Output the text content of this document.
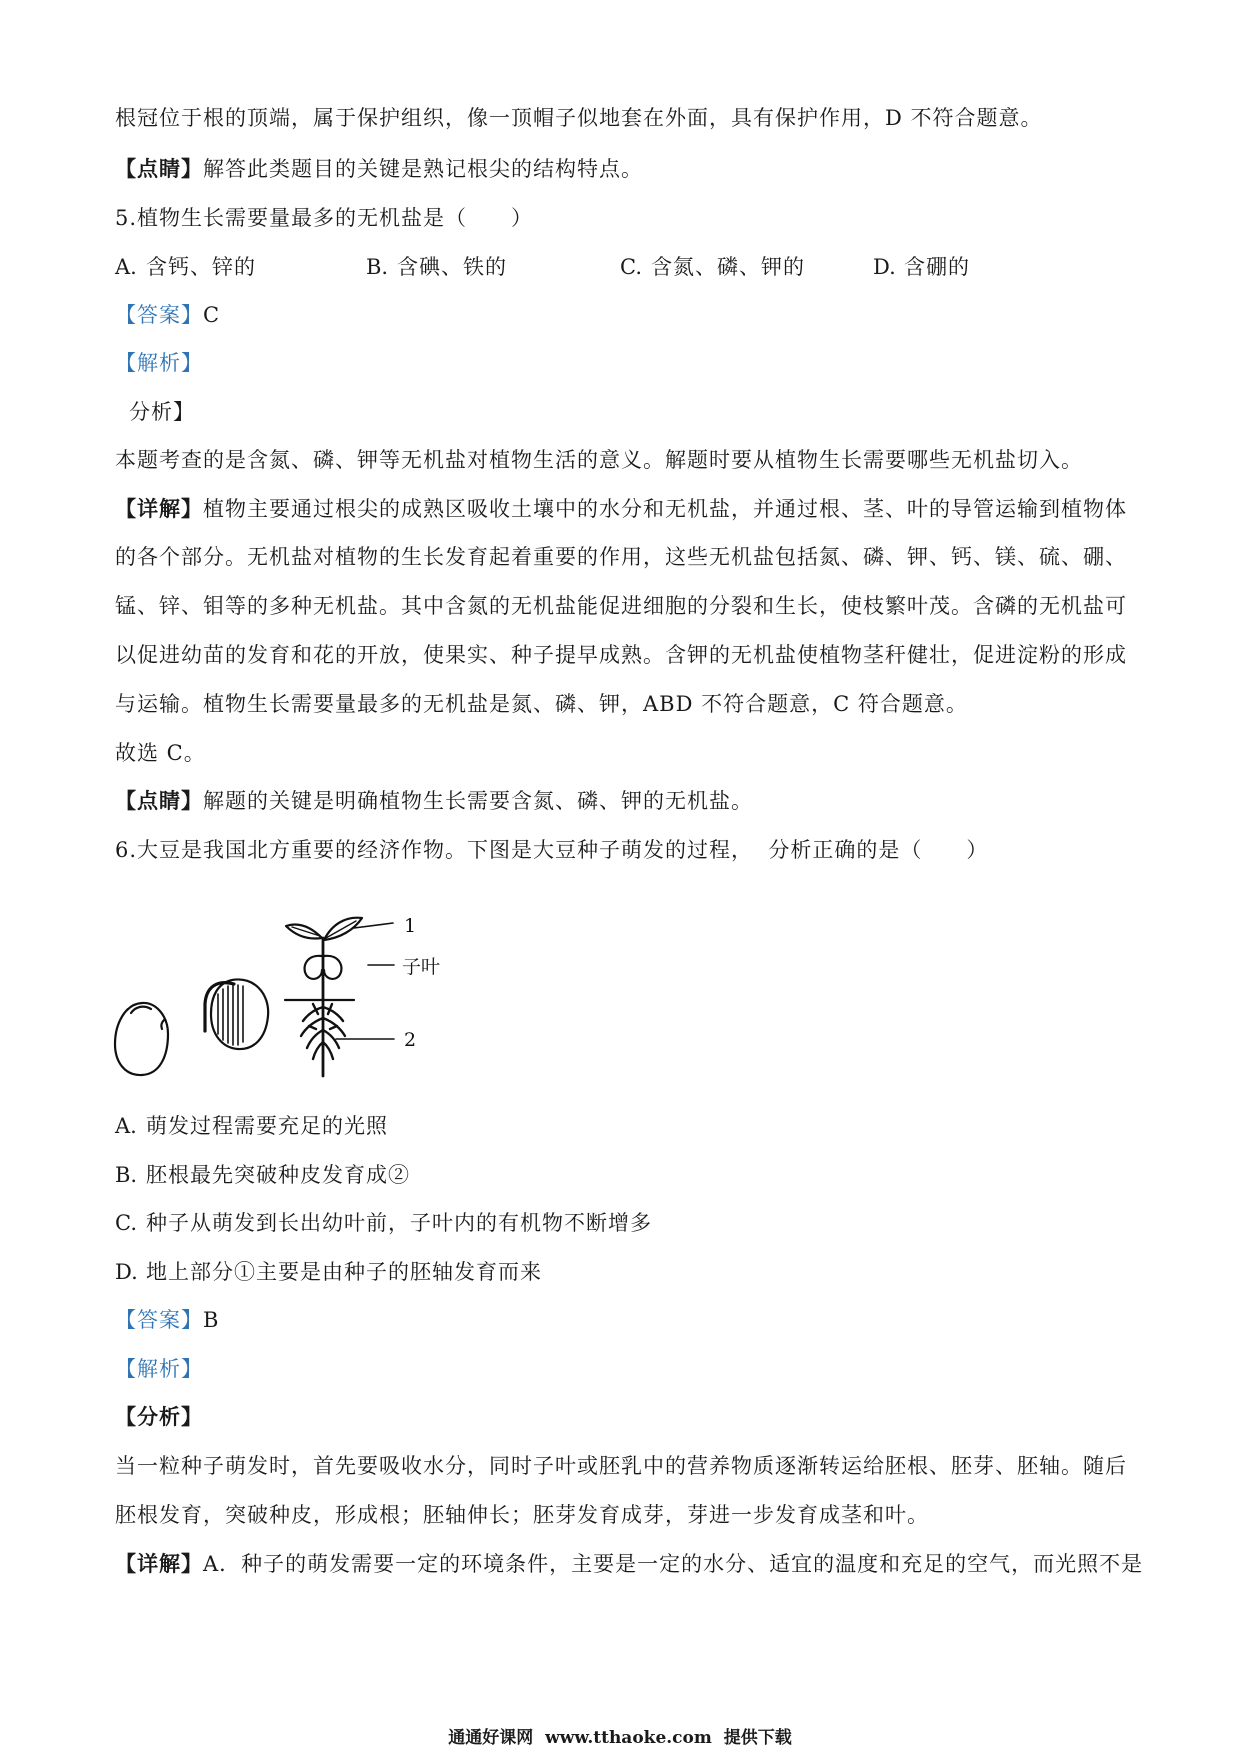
根冠位于根的顶端，属于保护组织，像一顶帽子似地套在外面，具有保护作用，D 不符合题意。
【点睛】解答此类题目的关键是熟记根尖的结构特点。
5.植物生长需要量最多的无机盐是（　　）
A. 含钙、锌的	B. 含碘、铁的	C. 含氮、磷、钾的	D. 含硼的
【答案】C
【解析】
分析】
本题考查的是含氮、磷、钾等无机盐对植物生活的意义。解题时要从植物生长需要哪些无机盐切入。
【详解】植物主要通过根尖的成熟区吸收土壤中的水分和无机盐，并通过根、茎、叶的导管运输到植物体
的各个部分。无机盐对植物的生长发育起着重要的作用，这些无机盐包括氮、磷、钾、钙、镁、硫、硼、
锰、锌、钼等的多种无机盐。其中含氮的无机盐能促进细胞的分裂和生长，使枝繁叶茂。含磷的无机盐可
以促进幼苗的发育和花的开放，使果实、种子提早成熟。含钾的无机盐使植物茎秆健壮，促进淀粉的形成
与运输。植物生长需要量最多的无机盐是氮、磷、钾，ABD 不符合题意，C 符合题意。
故选 C。
【点睛】解题的关键是明确植物生长需要含氮、磷、钾的无机盐。
6.大豆是我国北方重要的经济作物。下图是大豆种子萌发的过程，  分析正确的是（　　）
1
子叶
2
A. 萌发过程需要充足的光照
B. 胚根最先突破种皮发育成②
C. 种子从萌发到长出幼叶前，子叶内的有机物不断增多
D. 地上部分①主要是由种子的胚轴发育而来
【答案】B
【解析】
【分析】
当一粒种子萌发时，首先要吸收水分，同时子叶或胚乳中的营养物质逐渐转运给胚根、胚芽、胚轴。随后
胚根发育，突破种皮，形成根；胚轴伸长；胚芽发育成芽，芽进一步发育成茎和叶。
【详解】A．种子的萌发需要一定的环境条件，主要是一定的水分、适宜的温度和充足的空气，而光照不是
通通好课网  www.tthaoke.com  提供下载
